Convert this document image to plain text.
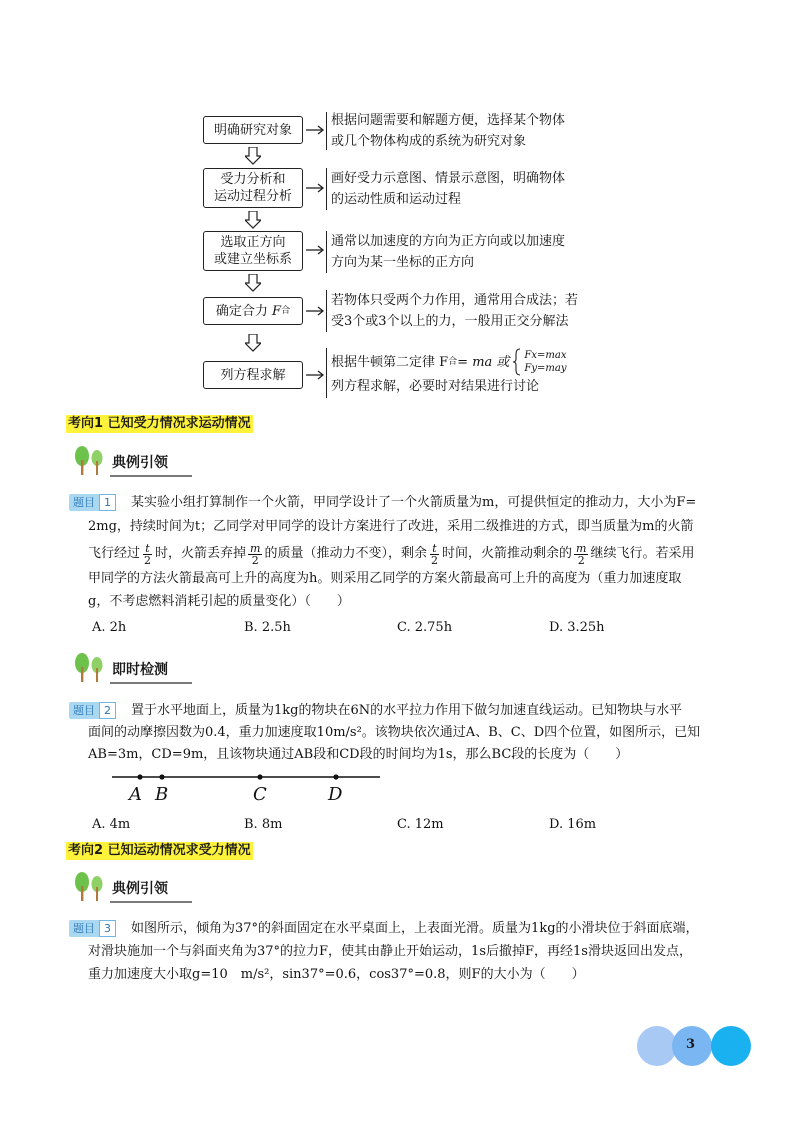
明确研究对象
根据问题需要和解题方便，选择某个物体
或几个物体构成的系统为研究对象
受力分析和
运动过程分析
画好受力示意图、情景示意图，明确物体
的运动性质和运动过程
选取正方向
或建立坐标系
通常以加速度的方向为正方向或以加速度
方向为某一坐标的正方向
确定合力
F 合
若物体只受两个力作用，通常用合成法；若
受3个或3个以上的力，一般用正交分解法
列方程求解
根据牛顿第二定律 F 合 = ma 或 Fx=max
Fy=may
列方程求解，必要时对结果进行讨论
考向1 已知受力情况求运动情况
典例引领
题目 1	某实验小组打算制作一个火箭，甲同学设计了一个火箭质量为m，可提供恒定的推动力，大小为F=
2mg，持续时间为t；乙同学对甲同学的设计方案进行了改进，采用二级推进的方式，即当质量为m的火箭
飞行经过 $\frac{t}{2}$ 时，火箭丢弃掉 $\frac{m}{2}$ 的质量（推动力不变），剩余 $\frac{t}{2}$ 时间，火箭推动剩余的 $\frac{m}{2}$ 继续飞行。若采用
甲同学的方法火箭最高可上升的高度为h。则采用乙同学的方案火箭最高可上升的高度为（重力加速度取
g，不考虑燃料消耗引起的质量变化）（　　）
A. 2h	B. 2.5h	C. 2.75h	D. 3.25h
即时检测
题目 2	置于水平地面上，质量为1kg的物块在6N的水平拉力作用下做匀加速直线运动。已知物块与水平
面间的动摩擦因数为0.4，重力加速度取10m/s²。该物块依次通过A、B、C、D四个位置，如图所示，已知
AB=3m，CD=9m，且该物块通过AB段和CD段的时间均为1s，那么BC段的长度为（　　）
A B	C	D
A. 4m	B. 8m	C. 12m	D. 16m
考向2 已知运动情况求受力情况
典例引领
题目 3	如图所示，倾角为37°的斜面固定在水平桌面上，上表面光滑。质量为1kg的小滑块位于斜面底端，
对滑块施加一个与斜面夹角为37°的拉力F，使其由静止开始运动，1s后撤掉F，再经1s滑块返回出发点，
重力加速度大小取g=10　m/s²，sin37°=0.6，cos37°=0.8，则F的大小为（　　）
3
